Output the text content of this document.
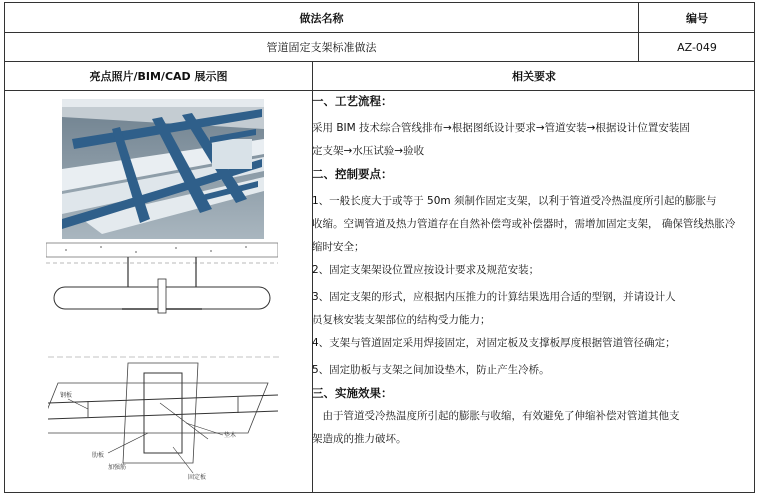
做法名称	编号
管道固定支架标准做法	AZ-049
亮点照片/BIM/CAD 展示图	相关要求
钢板
垫木
肋板
加强筋
固定板

一、工艺流程：

采用 BIM 技术综合管线排布→根据图纸设计要求→管道安装→根据设计位置安装固

定支架→水压试验→验收

二、控制要点：

1、一般长度大于或等于 50m 须制作固定支架，以利于管道受冷热温度所引起的膨胀与

收缩。空调管道及热力管道存在自然补偿弯或补偿器时，需增加固定支架， 确保管线热胀冷

缩时安全；

2、固定支架架设位置应按设计要求及规范安装；

3、固定支架的形式，应根据内压推力的计算结果选用合适的型钢，并请设计人

员复核安装支架部位的结构受力能力；

4、支架与管道固定采用焊接固定，对固定板及支撑板厚度根据管道管径确定；

5、固定肋板与支架之间加设垫木，防止产生冷桥。

三、实施效果：

由于管道受冷热温度所引起的膨胀与收缩，有效避免了伸缩补偿对管道其他支

架造成的推力破坏。
